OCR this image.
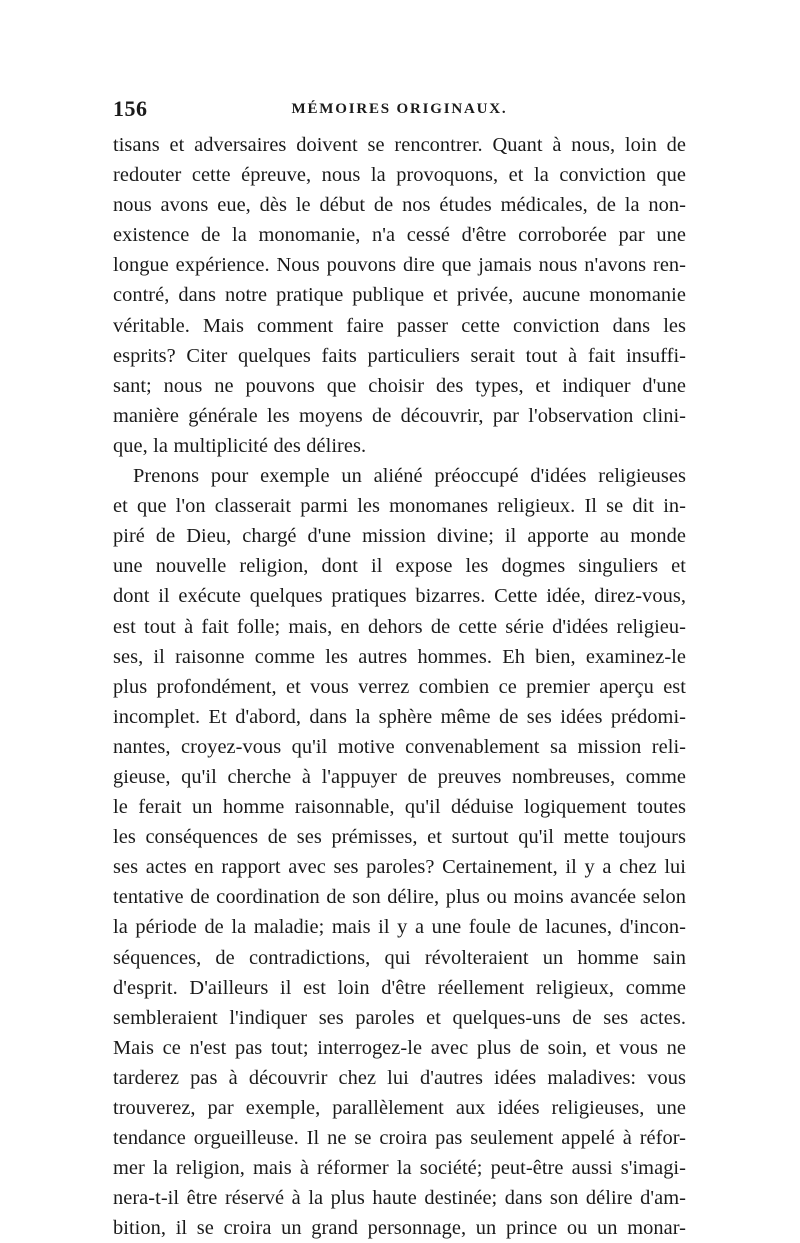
156	MÉMOIRES ORIGINAUX.
tisans et adversaires doivent se rencontrer. Quant à nous, loin de
redouter cette épreuve, nous la provoquons, et la conviction que
nous avons eue, dès le début de nos études médicales, de la non-
existence de la monomanie, n'a cessé d'être corroborée par une
longue expérience. Nous pouvons dire que jamais nous n'avons ren-
contré, dans notre pratique publique et privée, aucune monomanie
véritable. Mais comment faire passer cette conviction dans les
esprits? Citer quelques faits particuliers serait tout à fait insuffi-
sant; nous ne pouvons que choisir des types, et indiquer d'une
manière générale les moyens de découvrir, par l'observation clini-
que, la multiplicité des délires.
Prenons pour exemple un aliéné préoccupé d'idées religieuses
et que l'on classerait parmi les monomanes religieux. Il se dit in-
piré de Dieu, chargé d'une mission divine; il apporte au monde
une nouvelle religion, dont il expose les dogmes singuliers et
dont il exécute quelques pratiques bizarres. Cette idée, direz-vous,
est tout à fait folle; mais, en dehors de cette série d'idées religieu-
ses, il raisonne comme les autres hommes. Eh bien, examinez-le
plus profondément, et vous verrez combien ce premier aperçu est
incomplet. Et d'abord, dans la sphère même de ses idées prédomi-
nantes, croyez-vous qu'il motive convenablement sa mission reli-
gieuse, qu'il cherche à l'appuyer de preuves nombreuses, comme
le ferait un homme raisonnable, qu'il déduise logiquement toutes
les conséquences de ses prémisses, et surtout qu'il mette toujours
ses actes en rapport avec ses paroles? Certainement, il y a chez lui
tentative de coordination de son délire, plus ou moins avancée selon
la période de la maladie; mais il y a une foule de lacunes, d'incon-
séquences, de contradictions, qui révolteraient un homme sain
d'esprit. D'ailleurs il est loin d'être réellement religieux, comme
sembleraient l'indiquer ses paroles et quelques-uns de ses actes.
Mais ce n'est pas tout; interrogez-le avec plus de soin, et vous ne
tarderez pas à découvrir chez lui d'autres idées maladives: vous
trouverez, par exemple, parallèlement aux idées religieuses, une
tendance orgueilleuse. Il ne se croira pas seulement appelé à réfor-
mer la religion, mais à réformer la société; peut-être aussi s'imagi-
nera-t-il être réservé à la plus haute destinée; dans son délire d'am-
bition, il se croira un grand personnage, un prince ou un monar-
